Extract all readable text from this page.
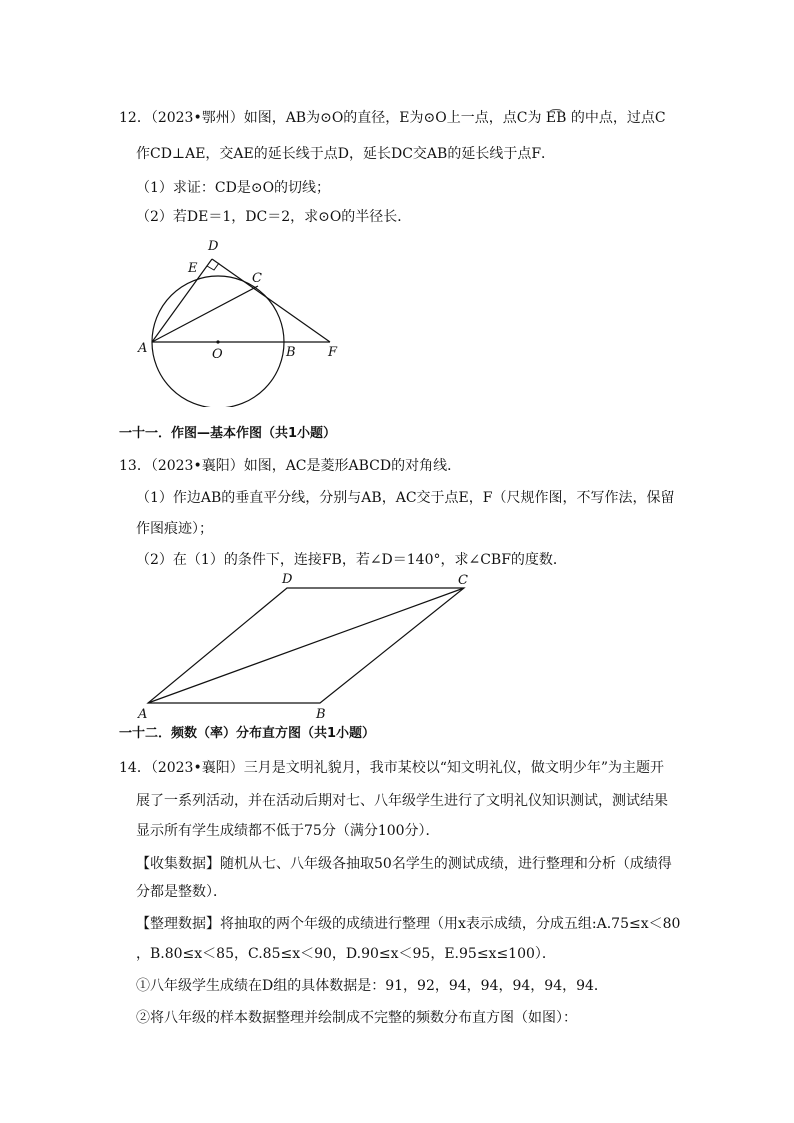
12．（2023•鄂州）如图，AB为⊙O的直径，E为⊙O上一点，点C为 E͡B 的中点，过点C
作CD⊥AE，交AE的延长线于点D，延长DC交AB的延长线于点F．
（1）求证：CD是⊙O的切线；
（2）若DE＝1，DC＝2，求⊙O的半径长．
D
E
C
A	O	B F
一十一．作图—基本作图（共1小题）
13．（2023•襄阳）如图，AC是菱形ABCD的对角线．
（1）作边AB的垂直平分线，分别与AB，AC交于点E，F（尺规作图，不写作法，保留
作图痕迹）；
（2）在（1）的条件下，连接FB，若∠D＝140°，求∠CBF的度数．
D	C
A	B
一十二．频数（率）分布直方图（共1小题）
14．（2023•襄阳）三月是文明礼貌月，我市某校以“知文明礼仪，做文明少年”为主题开
展了一系列活动，并在活动后期对七、八年级学生进行了文明礼仪知识测试，测试结果
显示所有学生成绩都不低于75分（满分100分）．
【收集数据】随机从七、八年级各抽取50名学生的测试成绩，进行整理和分析（成绩得
分都是整数）．
【整理数据】将抽取的两个年级的成绩进行整理（用x表示成绩，分成五组:A.75≤x＜80
，B.80≤x＜85，C.85≤x＜90，D.90≤x＜95，E.95≤x≤100）．
①八年级学生成绩在D组的具体数据是：91，92，94，94，94，94，94．
②将八年级的样本数据整理并绘制成不完整的频数分布直方图（如图）：
